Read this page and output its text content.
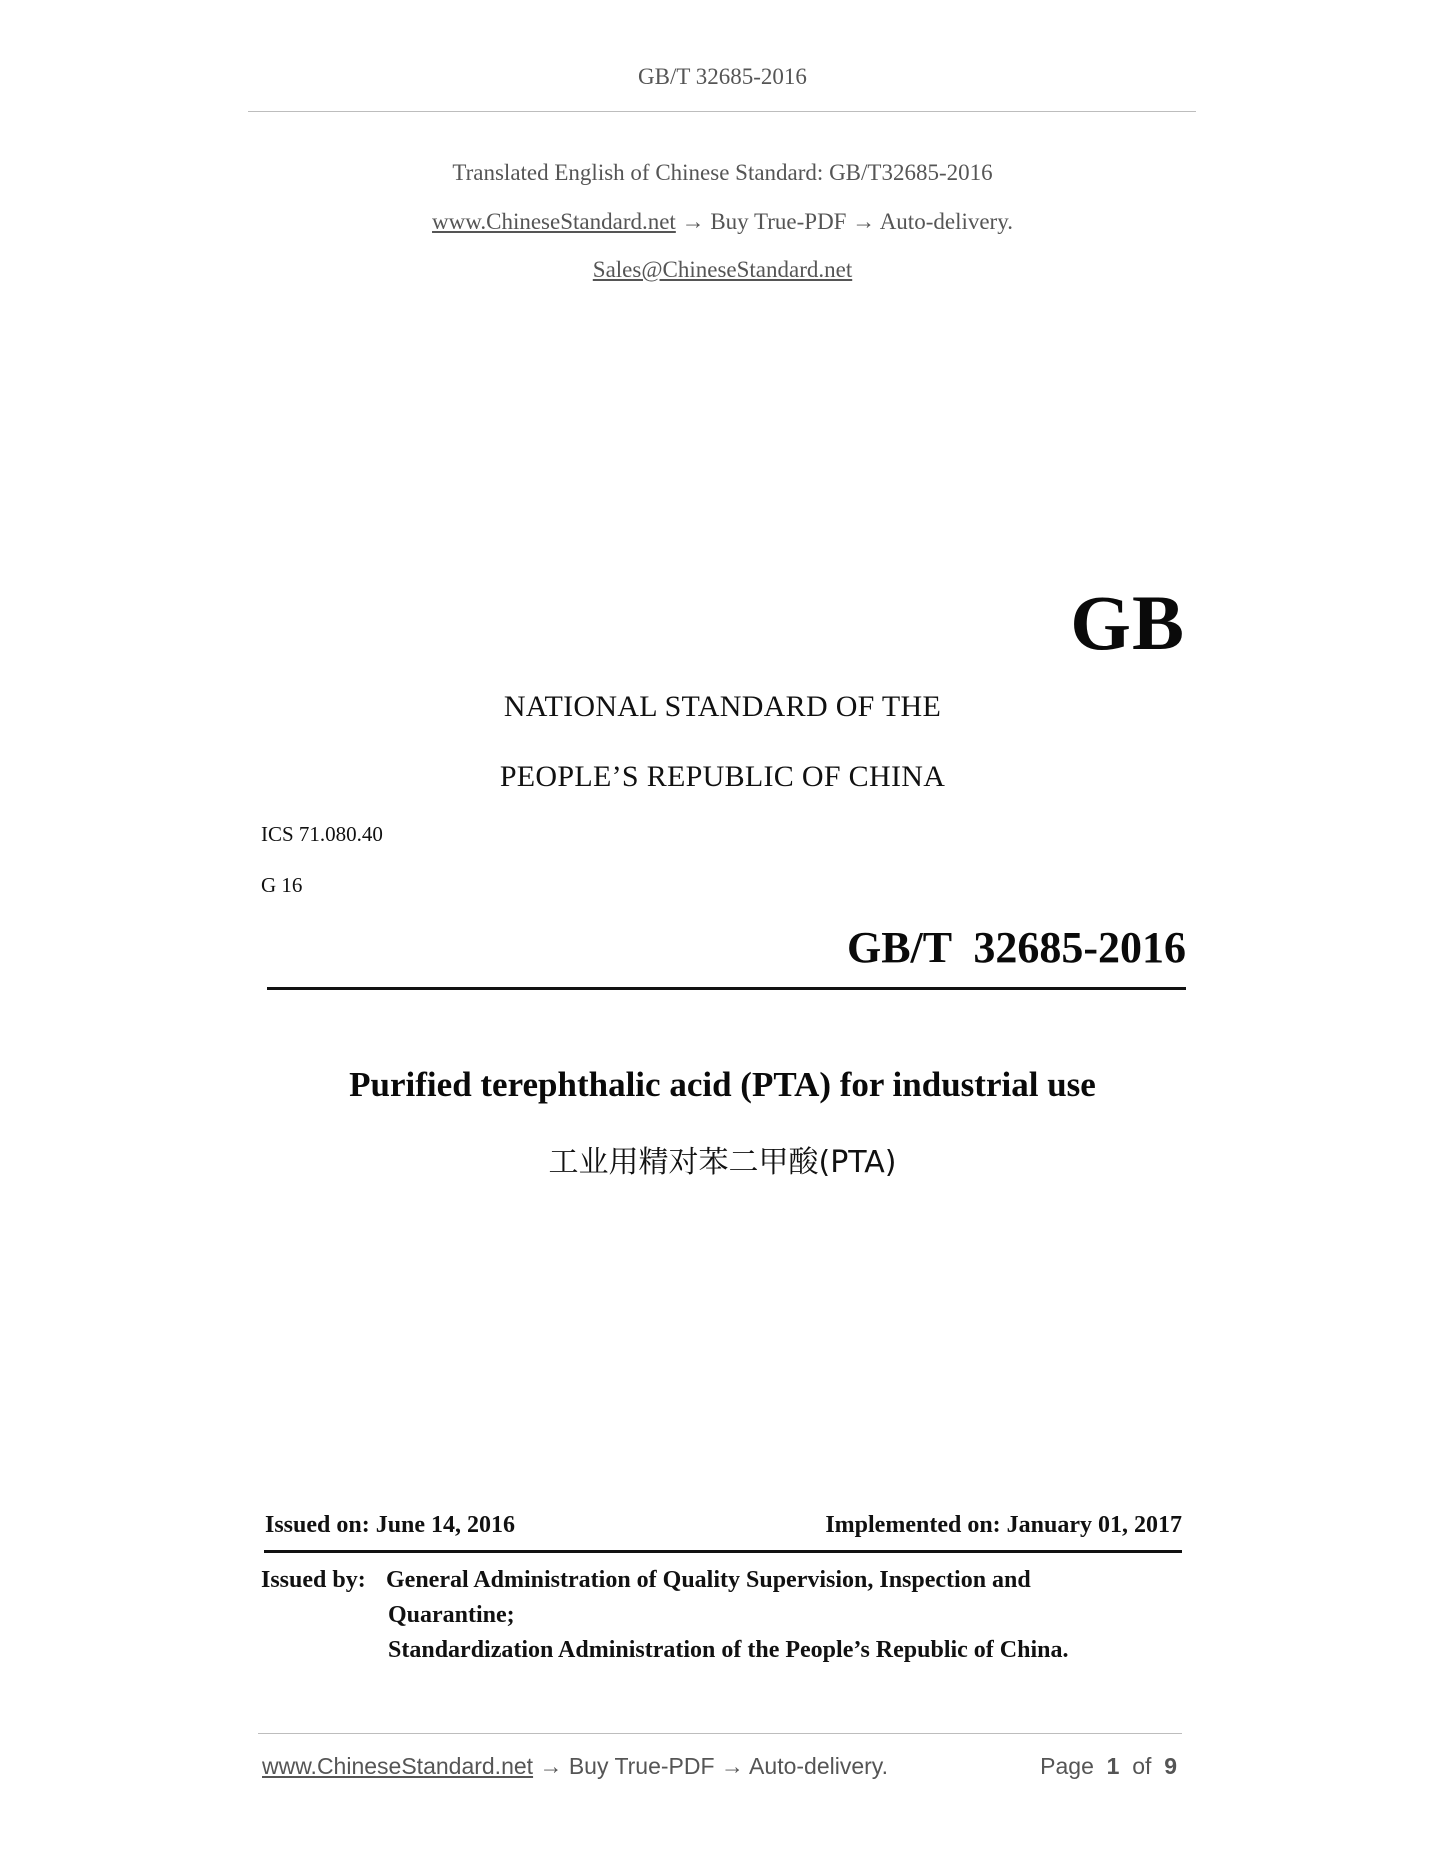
GB/T 32685-2016
Translated English of Chinese Standard: GB/T32685-2016
www.ChineseStandard.net → Buy True-PDF → Auto-delivery.
Sales@ChineseStandard.net
GB
NATIONAL STANDARD OF THE
PEOPLE’S REPUBLIC OF CHINA
ICS 71.080.40
G 16
GB/T  32685-2016
Purified terephthalic acid (PTA) for industrial use
工业用精对苯二甲酸(PTA)
Issued on: June 14, 2016	Implemented on: January 01, 2017
Issued by: General Administration of Quality Supervision, Inspection and
Quarantine;
Standardization Administration of the People’s Republic of China.
www.ChineseStandard.net → Buy True-PDF → Auto-delivery.	Page 1 of 9
